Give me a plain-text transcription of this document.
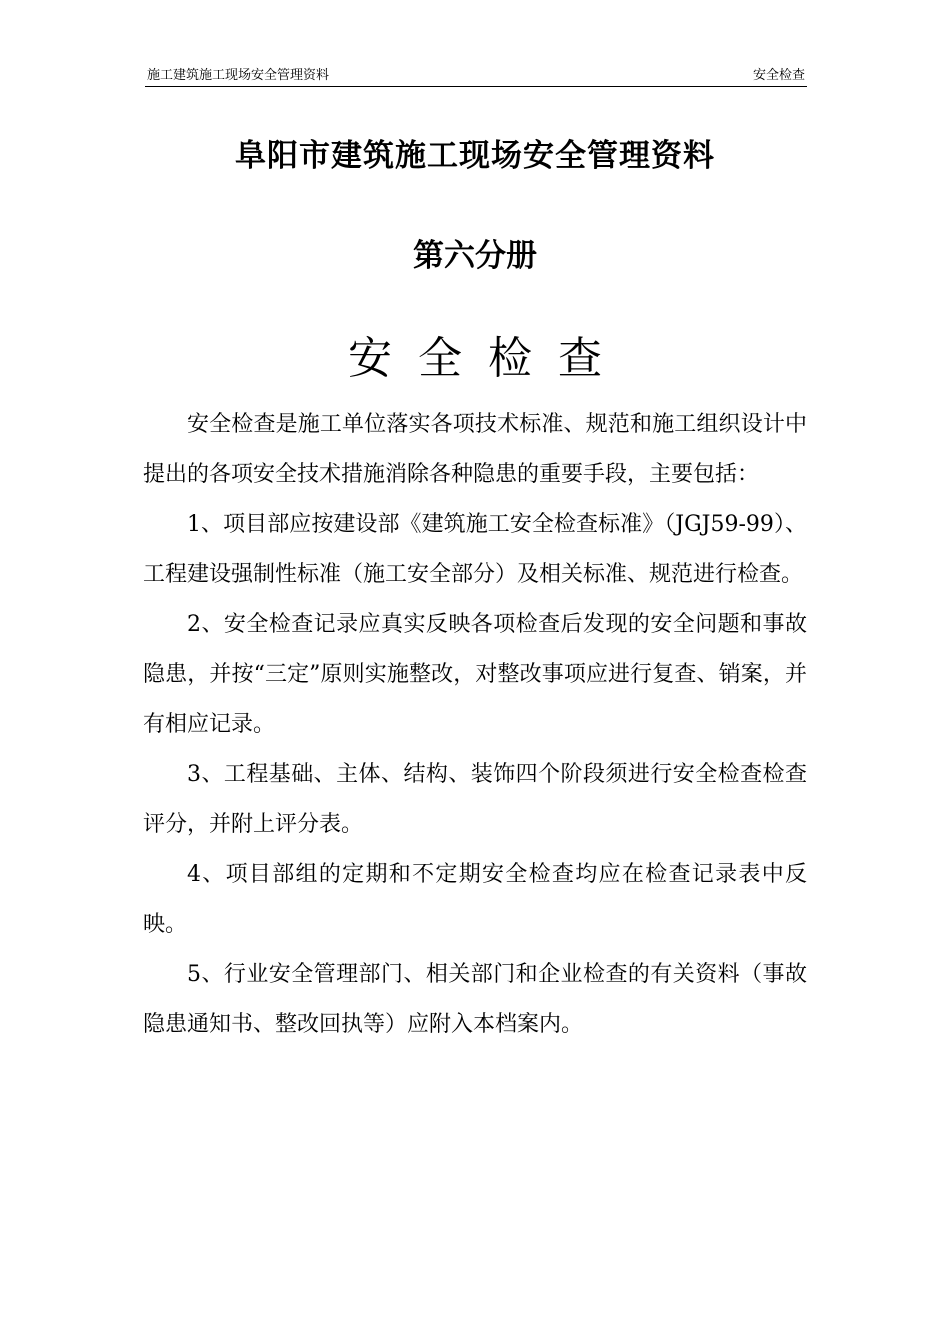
施工建筑施工现场安全管理资料	安全检查
阜阳市建筑施工现场安全管理资料
第六分册
安全检查

安全检查是施工单位落实各项技术标准、规范和施工组织设计中提出的各项安全技术措施消除各种隐患的重要手段，主要包括：

1、项目部应按建设部《建筑施工安全检查标准》（JGJ59-99）、工程建设强制性标准（施工安全部分）及相关标准、规范进行检查。

2、安全检查记录应真实反映各项检查后发现的安全问题和事故隐患，并按“三定”原则实施整改，对整改事项应进行复查、销案，并有相应记录。

3、工程基础、主体、结构、装饰四个阶段须进行安全检查检查评分，并附上评分表。

4、项目部组的定期和不定期安全检查均应在检查记录表中反映。

5、行业安全管理部门、相关部门和企业检查的有关资料（事故隐患通知书、整改回执等）应附入本档案内。
